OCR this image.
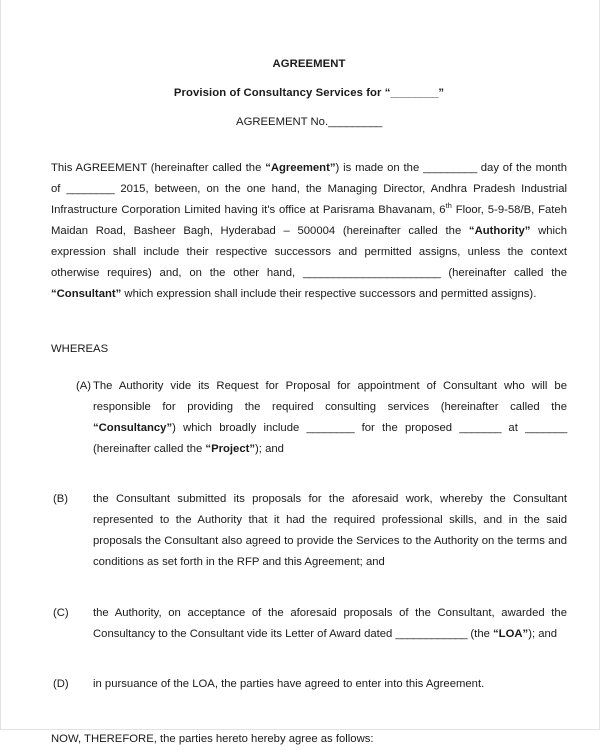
AGREEMENT
Provision of Consultancy Services for “________”
AGREEMENT No._________

This AGREEMENT (hereinafter called the “Agreement”) is made on the _________ day of the month of ________ 2015, between, on the one hand, the Managing Director, Andhra Pradesh Industrial Infrastructure Corporation Limited having it's office at Parisrama Bhavanam, 6th Floor, 5-9-58/B, Fateh Maidan Road, Basheer Bagh, Hyderabad – 500004 (hereinafter called the “Authority” which expression shall include their respective successors and permitted assigns, unless the context otherwise requires) and, on the other hand, _______________________ (hereinafter called the “Consultant” which expression shall include their respective successors and permitted assigns).

WHEREAS
(A) The Authority vide its Request for Proposal for appointment of Consultant who will be responsible for providing the required consulting services (hereinafter called the “Consultancy”) which broadly include ________ for the proposed _______ at _______ (hereinafter called the “Project”); and
(B) the Consultant submitted its proposals for the aforesaid work, whereby the Consultant represented to the Authority that it had the required professional skills, and in the said proposals the Consultant also agreed to provide the Services to the Authority on the terms and conditions as set forth in the RFP and this Agreement; and
(C) the Authority, on acceptance of the aforesaid proposals of the Consultant, awarded the Consultancy to the Consultant vide its Letter of Award dated ____________ (the “LOA”); and
(D) in pursuance of the LOA, the parties have agreed to enter into this Agreement.
NOW, THEREFORE, the parties hereto hereby agree as follows:
